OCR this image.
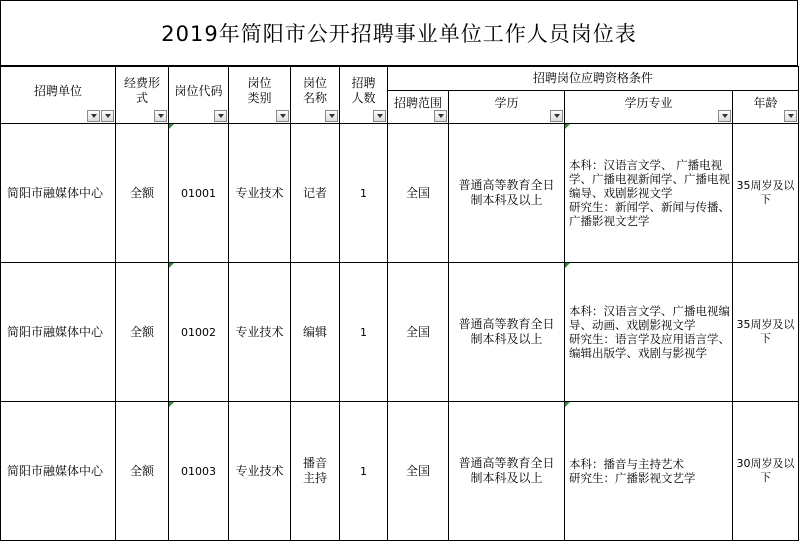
2019年简阳市公开招聘事业单位工作人员岗位表
招聘单位	经费形式	岗位代码	岗位类别	岗位名称	招聘人数	招聘岗位应聘资格条件			

						招聘范围	学历	学历专业	年龄

简阳市融媒体中心	全额	01001	专业技术	记者	1	全国	普通高等教育全日制本科及以上	本科：汉语言文学、 广播电视学、广播电视新闻学、广播电视编导、戏剧影视文学
研究生：新闻学、新闻与传播、广播影视文艺学	35周岁及以下
简阳市融媒体中心	全额	01002	专业技术	编辑	1	全国	普通高等教育全日制本科及以上	本科：汉语言文学、广播电视编导、动画、戏剧影视文学
研究生：语言学及应用语言学、编辑出版学、戏剧与影视学	35周岁及以下
简阳市融媒体中心	全额	01003	专业技术	播音主持	1	全国	普通高等教育全日制本科及以上	本科：播音与主持艺术
研究生：广播影视文艺学	30周岁及以下
